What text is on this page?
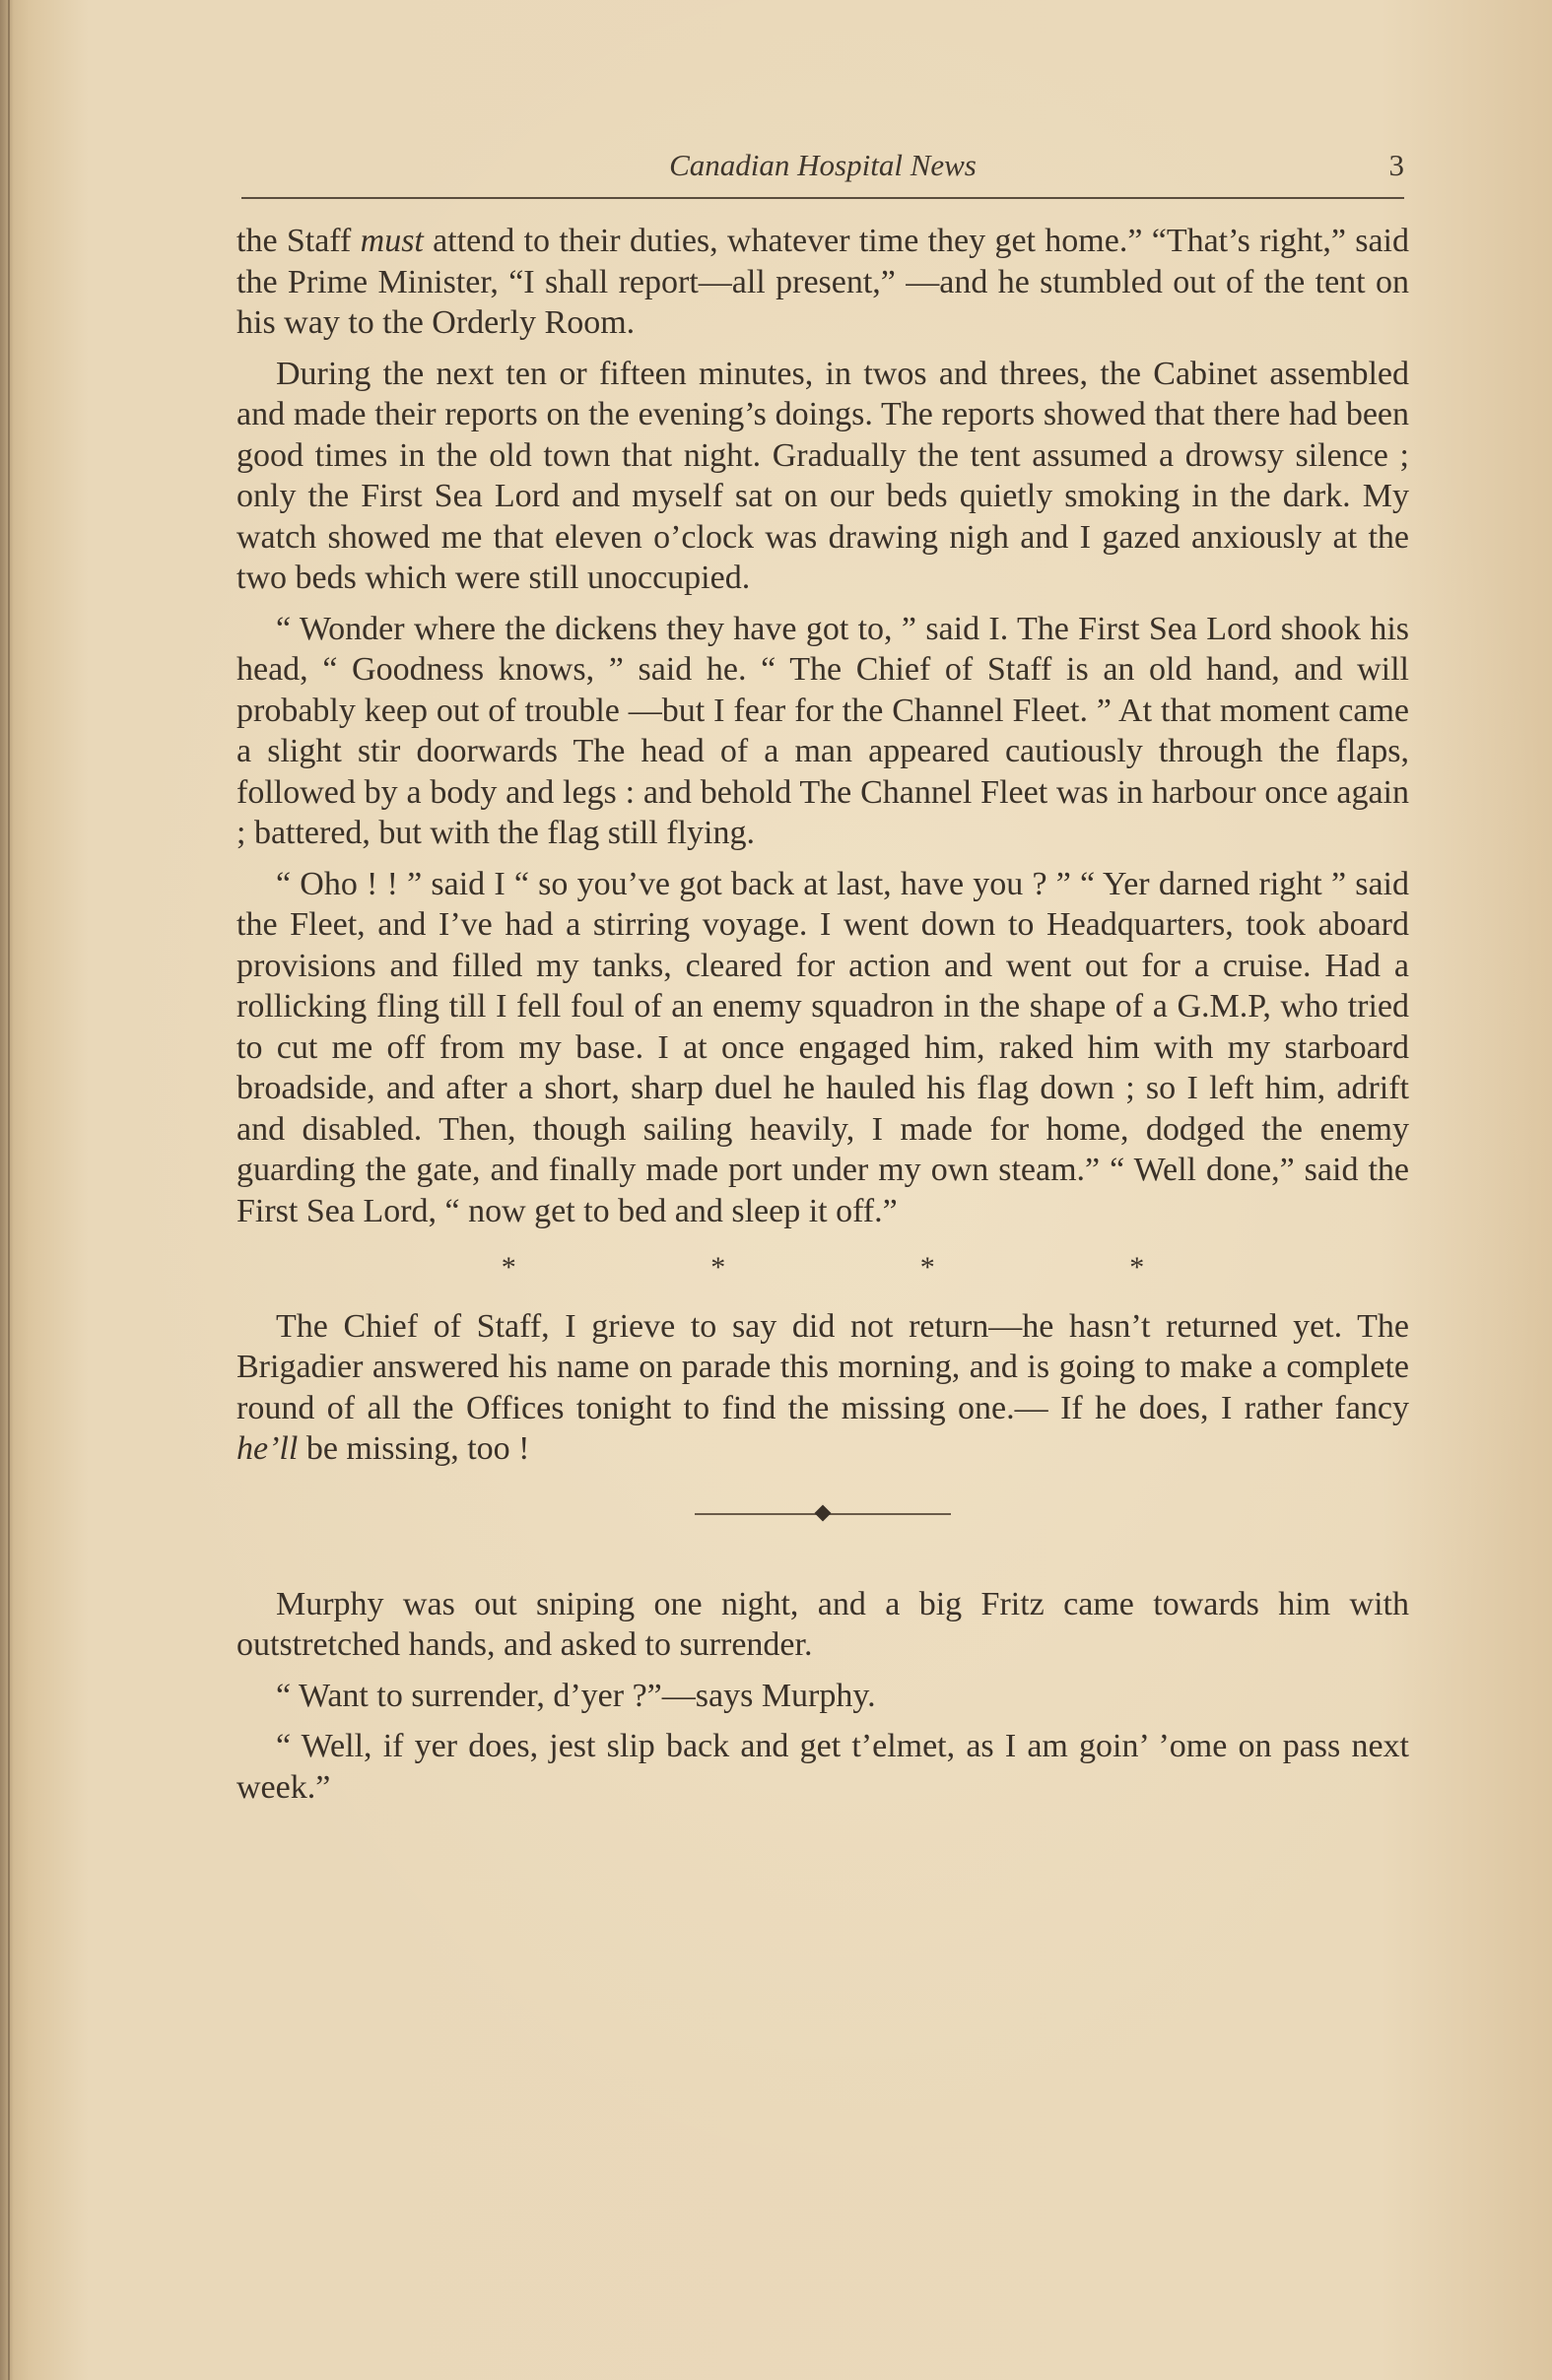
Canadian Hospital News	3

the Staff must attend to their duties, whatever time they get home.” “That’s right,” said the Prime Minister, “I shall report—all present,” —and he stumbled out of the tent on his way to the Orderly Room.

During the next ten or fifteen minutes, in twos and threes, the Cabinet assembled and made their reports on the evening’s doings. The reports showed that there had been good times in the old town that night. Gradually the tent assumed a drowsy silence ; only the First Sea Lord and myself sat on our beds quietly smoking in the dark. My watch showed me that eleven o’clock was drawing nigh and I gazed anxiously at the two beds which were still unoccupied.

“ Wonder where the dickens they have got to, ” said I. The First Sea Lord shook his head, “ Goodness knows, ” said he. “ The Chief of Staff is an old hand, and will probably keep out of trouble —but I fear for the Channel Fleet. ” At that moment came a slight stir doorwards The head of a man appeared cautiously through the flaps, followed by a body and legs : and behold The Channel Fleet was in harbour once again ; battered, but with the flag still flying.

“ Oho ! ! ” said I “ so you’ve got back at last, have you ? ” “ Yer darned right ” said the Fleet, and I’ve had a stirring voyage. I went down to Headquarters, took aboard provisions and filled my tanks, cleared for action and went out for a cruise. Had a rollicking fling till I fell foul of an enemy squadron in the shape of a G.M.P, who tried to cut me off from my base. I at once engaged him, raked him with my starboard broadside, and after a short, sharp duel he hauled his flag down ; so I left him, adrift and disabled. Then, though sailing heavily, I made for home, dodged the enemy guarding the gate, and finally made port under my own steam.” “ Well done,” said the First Sea Lord, “ now get to bed and sleep it off.”

*	*	*	*

The Chief of Staff, I grieve to say did not return—he hasn’t returned yet. The Brigadier answered his name on parade this morning, and is going to make a complete round of all the Offices tonight to find the missing one.— If he does, I rather fancy he’ll be missing, too !

Murphy was out sniping one night, and a big Fritz came towards him with outstretched hands, and asked to surrender.

“ Want to surrender, d’yer ?”—says Murphy.

“ Well, if yer does, jest slip back and get t’elmet, as I am goin’ ’ome on pass next week.”
